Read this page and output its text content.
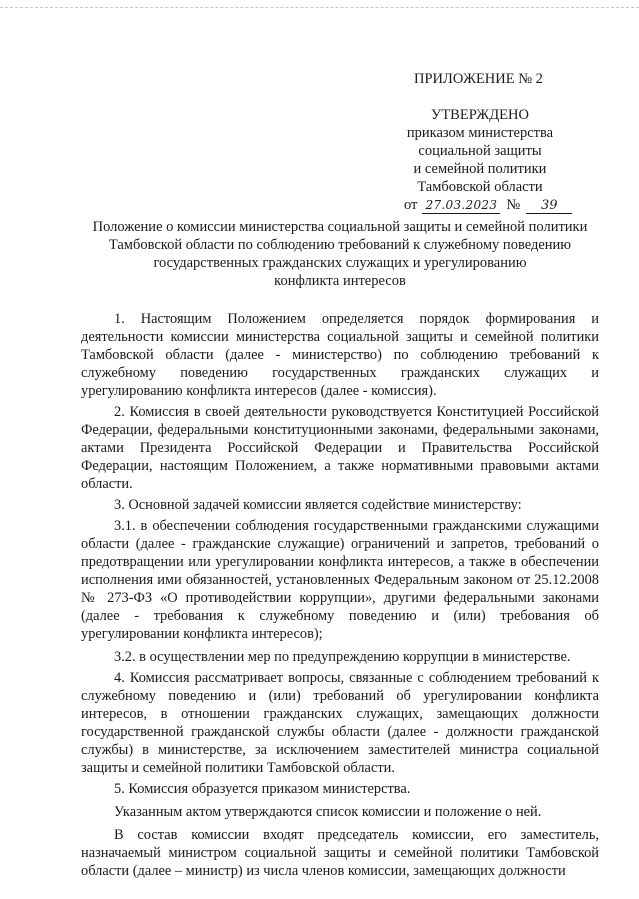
ПРИЛОЖЕНИЕ № 2
УТВЕРЖДЕНО
приказом министерства
социальной защиты
и семейной политики
Тамбовской области
от 27.03.2023 №	39
Положение о комиссии министерства социальной защиты и семейной политики
Тамбовской области по соблюдению требований к служебному поведению
государственных гражданских служащих и урегулированию
конфликта интересов

1. Настоящим Положением определяется порядок формирования и деятельности комиссии министерства социальной защиты и семейной политики Тамбовской области (далее - министерство) по соблюдению требований к служебному поведению государственных гражданских служащих и урегулированию конфликта интересов (далее - комиссия).

2. Комиссия в своей деятельности руководствуется Конституцией Российской Федерации, федеральными конституционными законами, федеральными законами, актами Президента Российской Федерации и Правительства Российской Федерации, настоящим Положением, а также нормативными правовыми актами области.

3. Основной задачей комиссии является содействие министерству:

3.1. в обеспечении соблюдения государственными гражданскими служащими области (далее - гражданские служащие) ограничений и запретов, требований о предотвращении или урегулировании конфликта интересов, а также в обеспечении исполнения ими обязанностей, установленных Федеральным законом от 25.12.2008 № 273-ФЗ «О противодействии коррупции», другими федеральными законами (далее - требования к служебному поведению и (или) требования об урегулировании конфликта интересов);

3.2. в осуществлении мер по предупреждению коррупции в министерстве.

4. Комиссия рассматривает вопросы, связанные с соблюдением требований к служебному поведению и (или) требований об урегулировании конфликта интересов, в отношении гражданских служащих, замещающих должности государственной гражданской службы области (далее - должности гражданской службы) в министерстве, за исключением заместителей министра социальной защиты и семейной политики Тамбовской области.

5. Комиссия образуется приказом министерства.

Указанным актом утверждаются список комиссии и положение о ней.

В состав комиссии входят председатель комиссии, его заместитель, назначаемый министром социальной защиты и семейной политики Тамбовской области (далее – министр) из числа членов комиссии, замещающих должности
